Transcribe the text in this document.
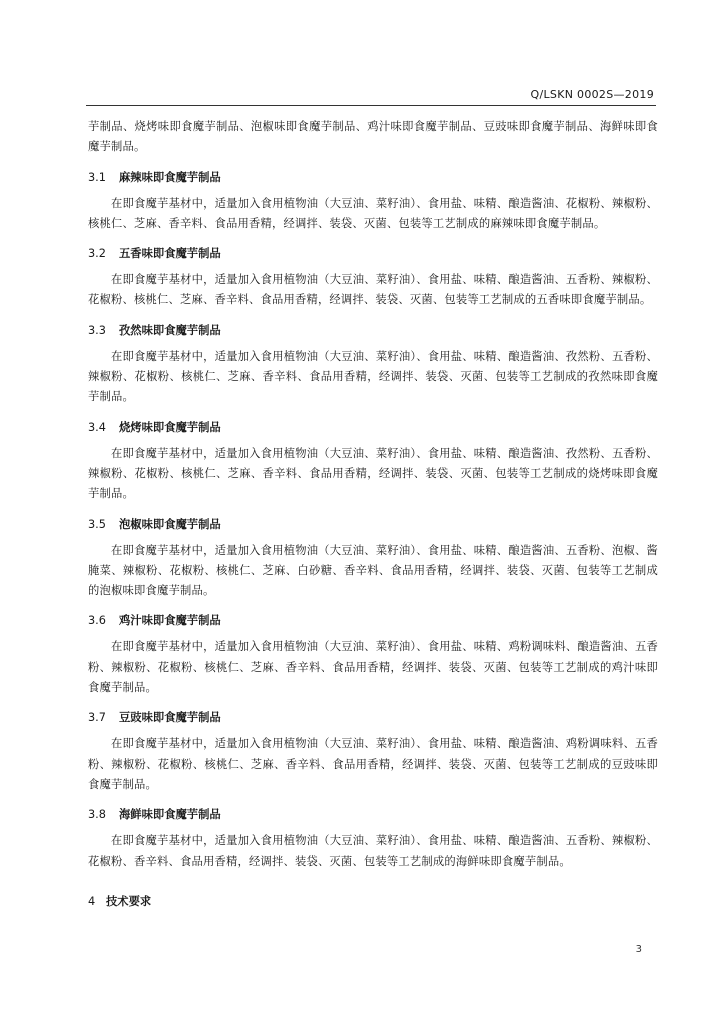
Q/LSKN 0002S—2019

芋制品、烧烤味即食魔芋制品、泡椒味即食魔芋制品、鸡汁味即食魔芋制品、豆豉味即食魔芋制品、海鲜味即食魔芋制品。

3.1	麻辣味即食魔芋制品

在即食魔芋基材中，适量加入食用植物油（大豆油、菜籽油）、食用盐、味精、酿造酱油、花椒粉、辣椒粉、核桃仁、芝麻、香辛料、食品用香精，经调拌、装袋、灭菌、包装等工艺制成的麻辣味即食魔芋制品。

3.2	五香味即食魔芋制品

在即食魔芋基材中，适量加入食用植物油（大豆油、菜籽油）、食用盐、味精、酿造酱油、五香粉、辣椒粉、花椒粉、核桃仁、芝麻、香辛料、食品用香精，经调拌、装袋、灭菌、包装等工艺制成的五香味即食魔芋制品。

3.3	孜然味即食魔芋制品

在即食魔芋基材中，适量加入食用植物油（大豆油、菜籽油）、食用盐、味精、酿造酱油、孜然粉、五香粉、辣椒粉、花椒粉、核桃仁、芝麻、香辛料、食品用香精，经调拌、装袋、灭菌、包装等工艺制成的孜然味即食魔芋制品。

3.4	烧烤味即食魔芋制品

在即食魔芋基材中，适量加入食用植物油（大豆油、菜籽油）、食用盐、味精、酿造酱油、孜然粉、五香粉、辣椒粉、花椒粉、核桃仁、芝麻、香辛料、食品用香精，经调拌、装袋、灭菌、包装等工艺制成的烧烤味即食魔芋制品。

3.5	泡椒味即食魔芋制品

在即食魔芋基材中，适量加入食用植物油（大豆油、菜籽油）、食用盐、味精、酿造酱油、五香粉、泡椒、酱腌菜、辣椒粉、花椒粉、核桃仁、芝麻、白砂糖、香辛料、食品用香精，经调拌、装袋、灭菌、包装等工艺制成的泡椒味即食魔芋制品。

3.6	鸡汁味即食魔芋制品

在即食魔芋基材中，适量加入食用植物油（大豆油、菜籽油）、食用盐、味精、鸡粉调味料、酿造酱油、五香粉、辣椒粉、花椒粉、核桃仁、芝麻、香辛料、食品用香精，经调拌、装袋、灭菌、包装等工艺制成的鸡汁味即食魔芋制品。

3.7	豆豉味即食魔芋制品

在即食魔芋基材中，适量加入食用植物油（大豆油、菜籽油）、食用盐、味精、酿造酱油、鸡粉调味料、五香粉、辣椒粉、花椒粉、核桃仁、芝麻、香辛料、食品用香精，经调拌、装袋、灭菌、包装等工艺制成的豆豉味即食魔芋制品。

3.8	海鲜味即食魔芋制品

在即食魔芋基材中，适量加入食用植物油（大豆油、菜籽油）、食用盐、味精、酿造酱油、五香粉、辣椒粉、花椒粉、香辛料、食品用香精，经调拌、装袋、灭菌、包装等工艺制成的海鲜味即食魔芋制品。

4 技术要求
3
